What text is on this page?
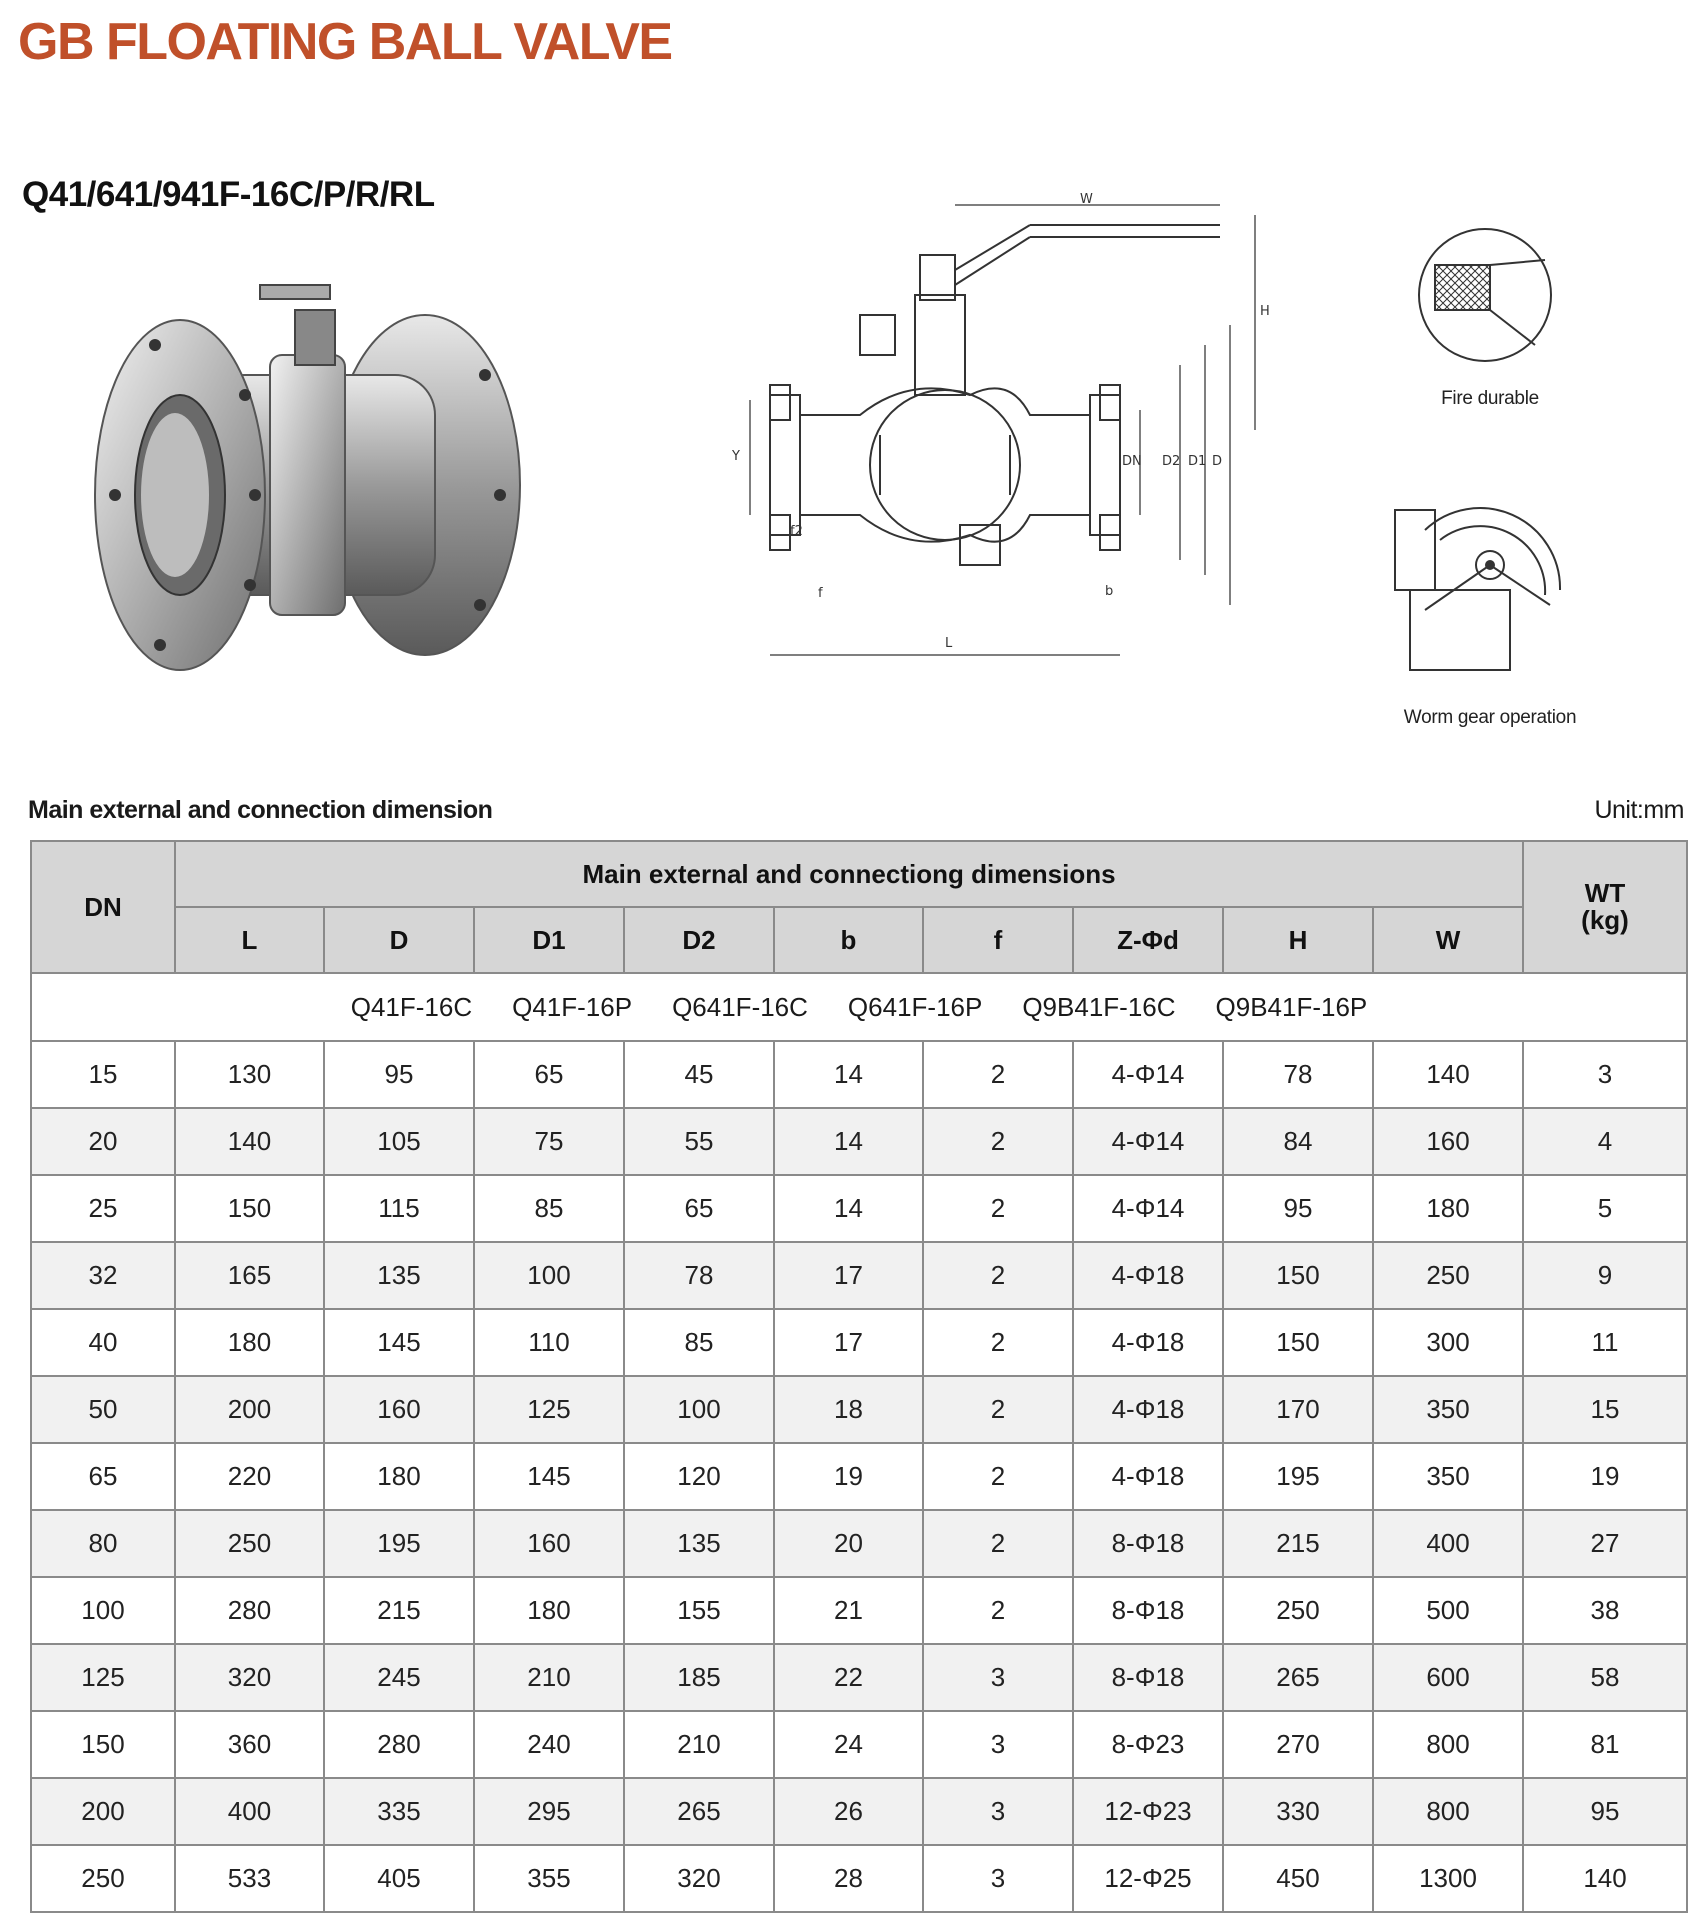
GB FLOATING BALL VALVE
Q41/641/941F-16C/P/R/RL	W
H
Y
f2
DN D2 D1 D
f	b
L
Fire durable
Worm gear operation
Main external and connection dimension	Unit:mm
DN	Main external and connectiong dimensions									WT
(kg)

	L	D	D1	D2	b	f	Z-Φd	H	W	
Q41F-16C Q41F-16P Q641F-16C Q641F-16P Q9B41F-16C Q9B41F-16P										
15	130	95	65	45	14	2	4-Φ14	78	140	3
20	140	105	75	55	14	2	4-Φ14	84	160	4
25	150	115	85	65	14	2	4-Φ14	95	180	5
32	165	135	100	78	17	2	4-Φ18	150	250	9
40	180	145	110	85	17	2	4-Φ18	150	300	11
50	200	160	125	100	18	2	4-Φ18	170	350	15
65	220	180	145	120	19	2	4-Φ18	195	350	19
80	250	195	160	135	20	2	8-Φ18	215	400	27
100	280	215	180	155	21	2	8-Φ18	250	500	38
125	320	245	210	185	22	3	8-Φ18	265	600	58
150	360	280	240	210	24	3	8-Φ23	270	800	81
200	400	335	295	265	26	3	12-Φ23	330	800	95
250	533	405	355	320	28	3	12-Φ25	450	1300	140
